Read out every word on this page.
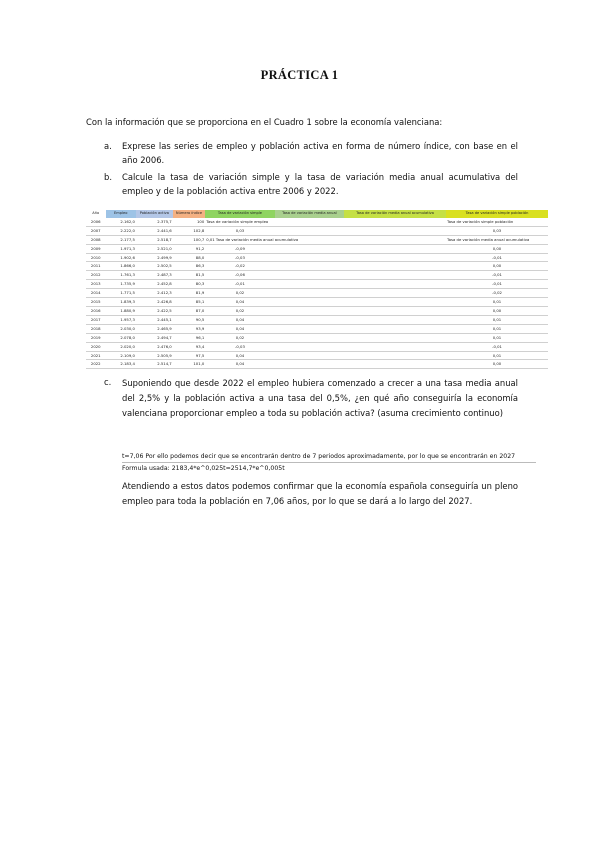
PRÁCTICA 1
Con la información que se proporciona en el Cuadro 1 sobre la economía valenciana:
a. Exprese las series de empleo y población activa en forma de número índice, con base en el año 2006.
b. Calcule la tasa de variación simple y la tasa de variación media anual acumulativa del empleo y de la población activa entre 2006 y 2022.
Año	Empleo	Población activa	Número índice	Tasa de variación simple	Tasa de variación media anual	Tasa de variación media anual acumulativa	Tasa de variación simple población
2006	2.162,0	2.375,7	100	Tasa de variación simple empleo			Tasa de variación simple población
2007	2.222,0	2.441,6	102,8	0,03			0,03
2008	2.177,5	2.518,7	100,7	0,01 Tasa de variación media anual acumulativa			Tasa de variación media anual acumulativa
2009	1.971,3	2.521,0	91,2	-0,09			0,00
2010	1.902,6	2.499,9	88,0	-0,03			-0,01
2011	1.866,0	2.502,5	86,3	-0,02			0,00
2012	1.761,3	2.487,3	81,5	-0,06			-0,01
2013	1.735,9	2.452,8	80,3	-0,01			-0,01
2014	1.771,5	2.412,3	81,9	0,02			-0,02
2015	1.839,3	2.426,8	85,1	0,04			0,01
2016	1.880,9	2.422,5	87,0	0,02			0,00
2017	1.957,3	2.445,1	90,5	0,04			0,01
2018	2.030,0	2.465,9	93,9	0,04			0,01
2019	2.078,0	2.494,7	96,1	0,02			0,01
2020	2.020,0	2.476,0	93,4	-0,03			-0,01
2021	2.109,0	2.505,9	97,5	0,04			0,01
2022	2.183,4	2.514,7	101,0	0,04			0,00
c. Suponiendo que desde 2022 el empleo hubiera comenzado a crecer a una tasa media anual del 2,5% y la población activa a una tasa del 0,5%, ¿en qué año conseguiría la economía valenciana proporcionar empleo a toda su población activa? (asuma crecimiento continuo)
t=7,06 Por ello podemos decir que se encontrarán dentro de 7 periodos aproximadamente, por lo que se encontrarán en 2027
Formula usada: 2183,4*e^0,025t=2514,7*e^0,005t
Atendiendo a estos datos podemos confirmar que la economía española conseguiría un pleno empleo para toda la población en 7,06 años, por lo que se dará a lo largo del 2027.
